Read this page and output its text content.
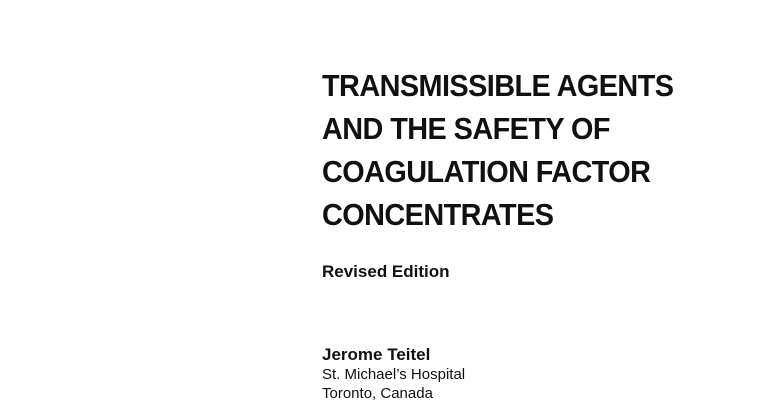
TRANSMISSIBLE AGENTS
AND THE SAFETY OF
COAGULATION FACTOR
CONCENTRATES
Revised Edition
Jerome Teitel
St. Michael’s Hospital
Toronto, Canada
